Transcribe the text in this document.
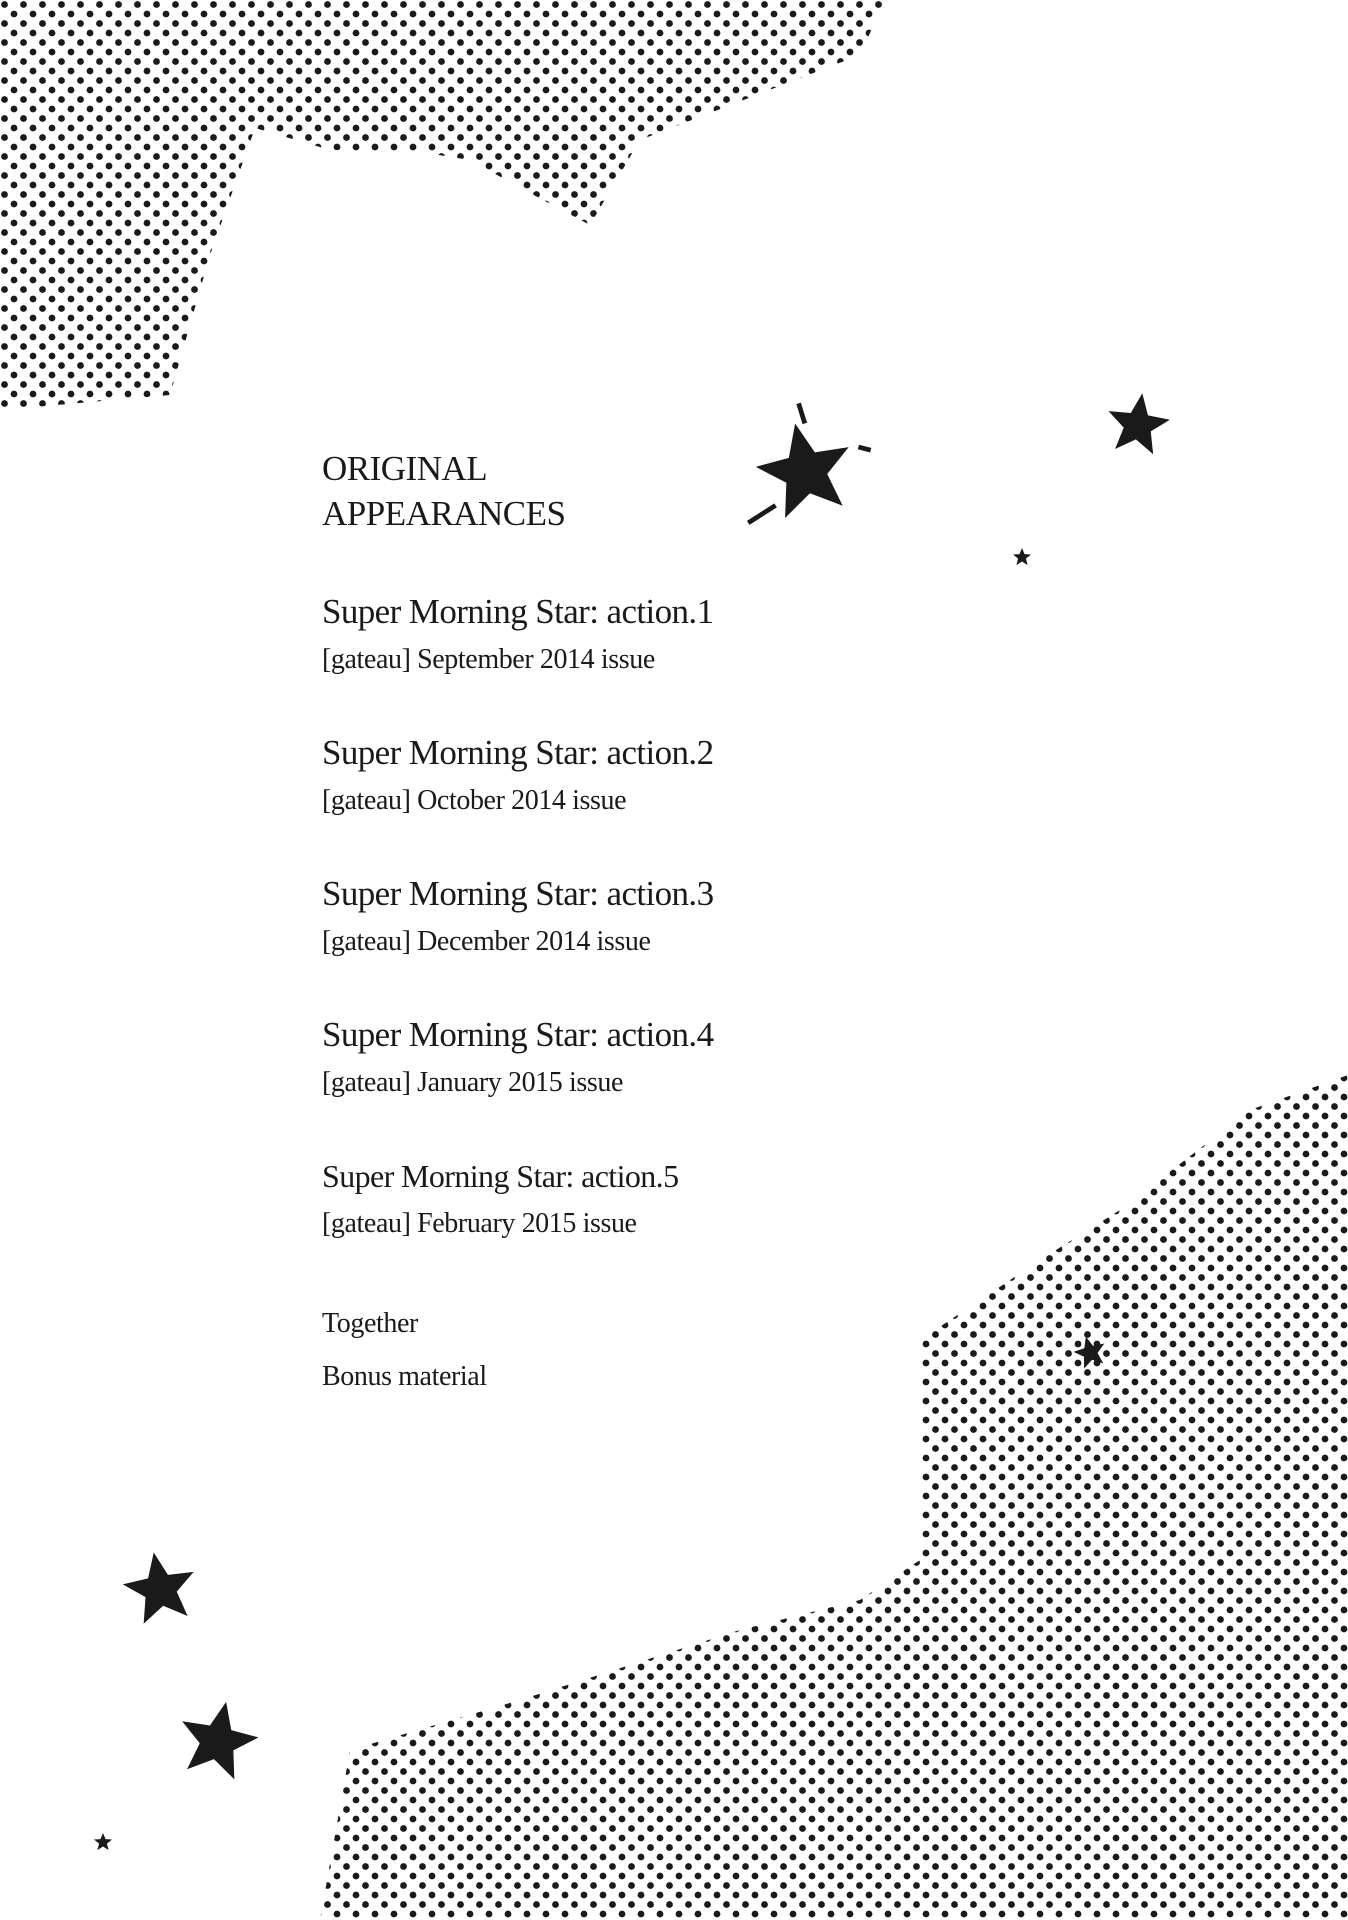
ORIGINAL
APPEARANCES
Super Morning Star: action.1
[gateau] September 2014 issue
Super Morning Star: action.2
[gateau] October 2014 issue
Super Morning Star: action.3
[gateau] December 2014 issue
Super Morning Star: action.4
[gateau] January 2015 issue
Super Morning Star: action.5
[gateau] February 2015 issue
Together
Bonus material
